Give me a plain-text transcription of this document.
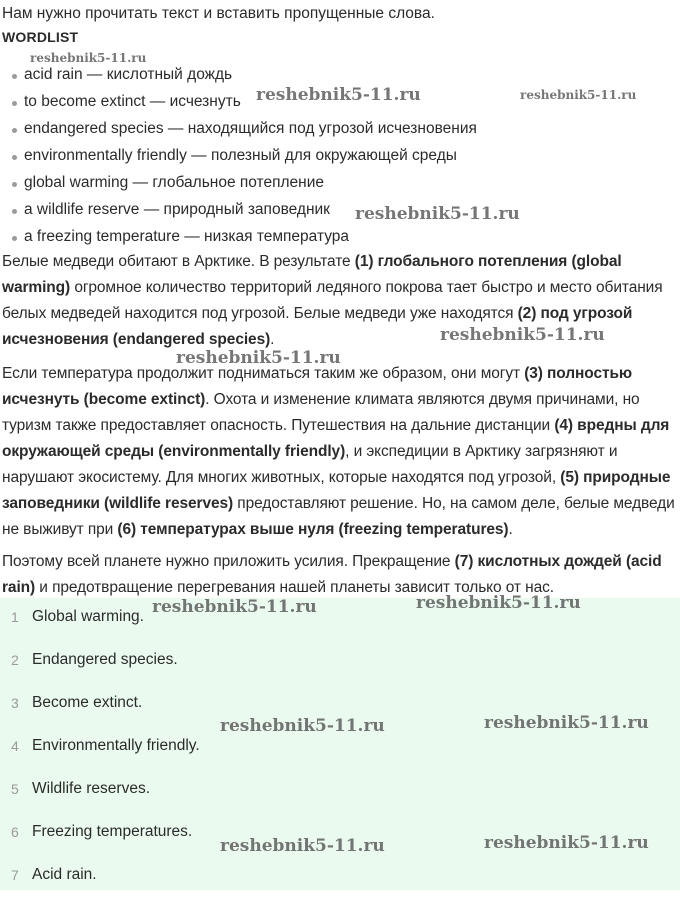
Нам нужно прочитать текст и вставить пропущенные слова.

WORDLIST

acid rain — кислотный дождь
to become extinct — исчезнуть
endangered species — находящийся под угрозой исчезновения
environmentally friendly — полезный для окружающей среды
global warming — глобальное потепление
a wildlife reserve — природный заповедник
a freezing temperature — низкая температура

Белые медведи обитают в Арктике. В результате (1) глобального потепления (global warming) огромное количество территорий ледяного покрова тает быстро и место обитания белых медведей находится под угрозой. Белые медведи уже находятся (2) под угрозой исчезновения (endangered species).

Если температура продолжит подниматься таким же образом, они могут (3) полностью исчезнуть (become extinct). Охота и изменение климата являются двумя причинами, но туризм также предоставляет опасность. Путешествия на дальние дистанции (4) вредны для окружающей среды (environmentally friendly), и экспедиции в Арктику загрязняют и нарушают экосистему. Для многих животных, которые находятся под угрозой, (5) природные заповедники (wildlife reserves) предоставляют решение. Но, на самом деле, белые медведи не выживут при (6) температурах выше нуля (freezing temperatures).

Поэтому всей планете нужно приложить усилия. Прекращение (7) кислотных дождей (acid rain) и предотвращение перегревания нашей планеты зависит только от нас.

1 Global warming.
2 Endangered species.
3 Become extinct.
4 Environmentally friendly.
5 Wildlife reserves.
6 Freezing temperatures.
7 Acid rain.
reshebnik5-11.ru
reshebnik5-11.ru	reshebnik5-11.ru
reshebnik5-11.ru
reshebnik5-11.ru
reshebnik5-11.ru
reshebnik5-11.ru	reshebnik5-11.ru
reshebnik5-11.ru	reshebnik5-11.ru
reshebnik5-11.ru	reshebnik5-11.ru
